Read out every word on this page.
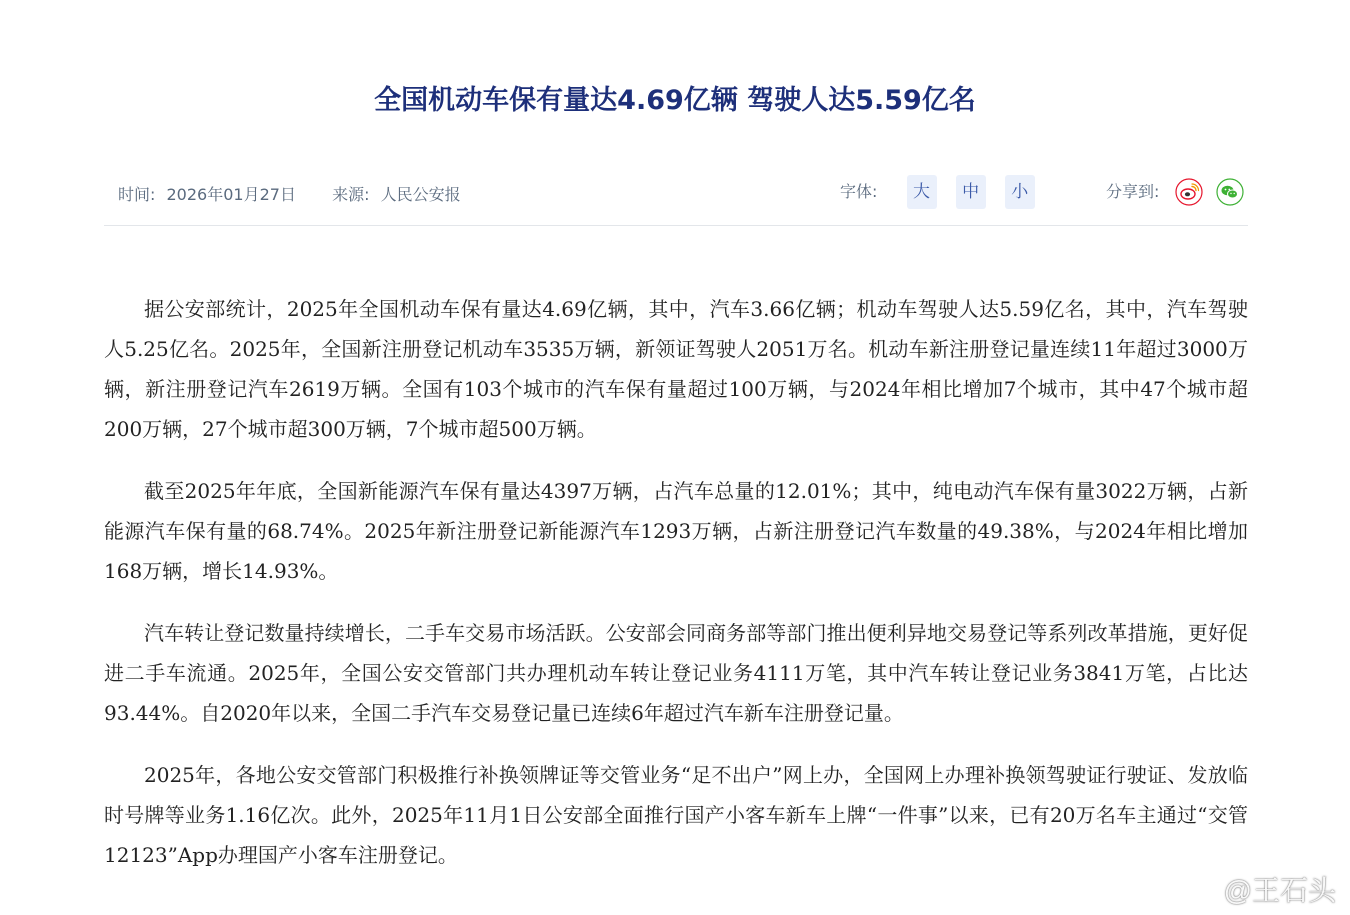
全国机动车保有量达4.69亿辆 驾驶人达5.59亿名
时间: 2026年01月27日 来源: 人民公安报	字体: 大 中 小	分享到:

据公安部统计，2025年全国机动车保有量达4.69亿辆，其中，汽车3.66亿辆；机动车驾驶人达5.59亿名，其中，汽车驾驶人5.25亿名。2025年，全国新注册登记机动车3535万辆，新领证驾驶人2051万名。机动车新注册登记量连续11年超过3000万辆，新注册登记汽车2619万辆。全国有103个城市的汽车保有量超过100万辆，与2024年相比增加7个城市，其中47个城市超200万辆，27个城市超300万辆，7个城市超500万辆。

截至2025年年底，全国新能源汽车保有量达4397万辆，占汽车总量的12.01%；其中，纯电动汽车保有量3022万辆，占新能源汽车保有量的68.74%。2025年新注册登记新能源汽车1293万辆，占新注册登记汽车数量的49.38%，与2024年相比增加168万辆，增长14.93%。

汽车转让登记数量持续增长，二手车交易市场活跃。公安部会同商务部等部门推出便利异地交易登记等系列改革措施，更好促进二手车流通。2025年，全国公安交管部门共办理机动车转让登记业务4111万笔，其中汽车转让登记业务3841万笔，占比达93.44%。自2020年以来，全国二手汽车交易登记量已连续6年超过汽车新车注册登记量。

2025年，各地公安交管部门积极推行补换领牌证等交管业务“足不出户”网上办，全国网上办理补换领驾驶证行驶证、发放临时号牌等业务1.16亿次。此外，2025年11月1日公安部全面推行国产小客车新车上牌“一件事”以来，已有20万名车主通过“交管12123”App办理国产小客车注册登记。

@王石头
